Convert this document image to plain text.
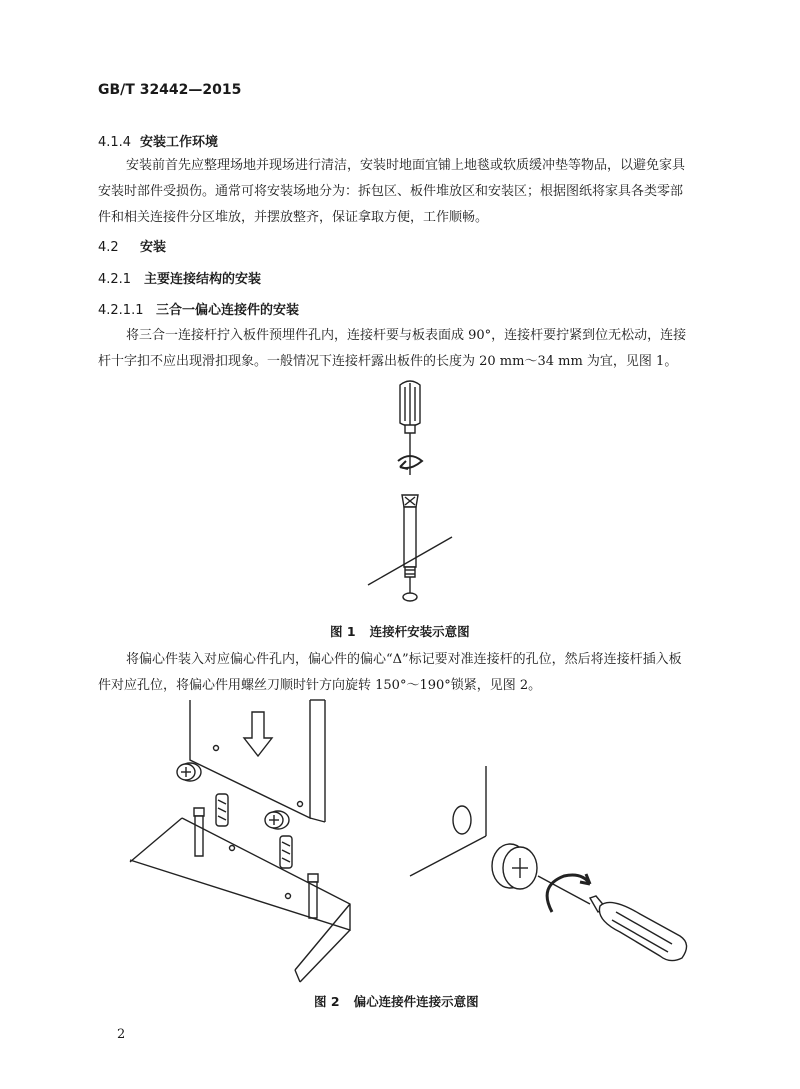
GB/T 32442—2015
4.1.4 安装工作环境

安装前首先应整理场地并现场进行清洁，安装时地面宜铺上地毯或软质缓冲垫等物品，以避免家具

安装时部件受损伤。通常可将安装场地分为：拆包区、板件堆放区和安装区；根据图纸将家具各类零部

件和相关连接件分区堆放，并摆放整齐，保证拿取方便，工作顺畅。

4.2 安装
4.2.1 主要连接结构的安装
4.2.1.1 三合一偏心连接件的安装

将三合一连接杆拧入板件预埋件孔内，连接杆要与板表面成 90°，连接杆要拧紧到位无松动，连接

杆十字扣不应出现滑扣现象。一般情况下连接杆露出板件的长度为 20 mm～34 mm 为宜，见图 1。

图 1 连接杆安装示意图

将偏心件装入对应偏心件孔内，偏心件的偏心“Δ”标记要对准连接杆的孔位，然后将连接杆插入板

件对应孔位，将偏心件用螺丝刀顺时针方向旋转 150°～190°锁紧，见图 2。

图 2 偏心连接件连接示意图
2
